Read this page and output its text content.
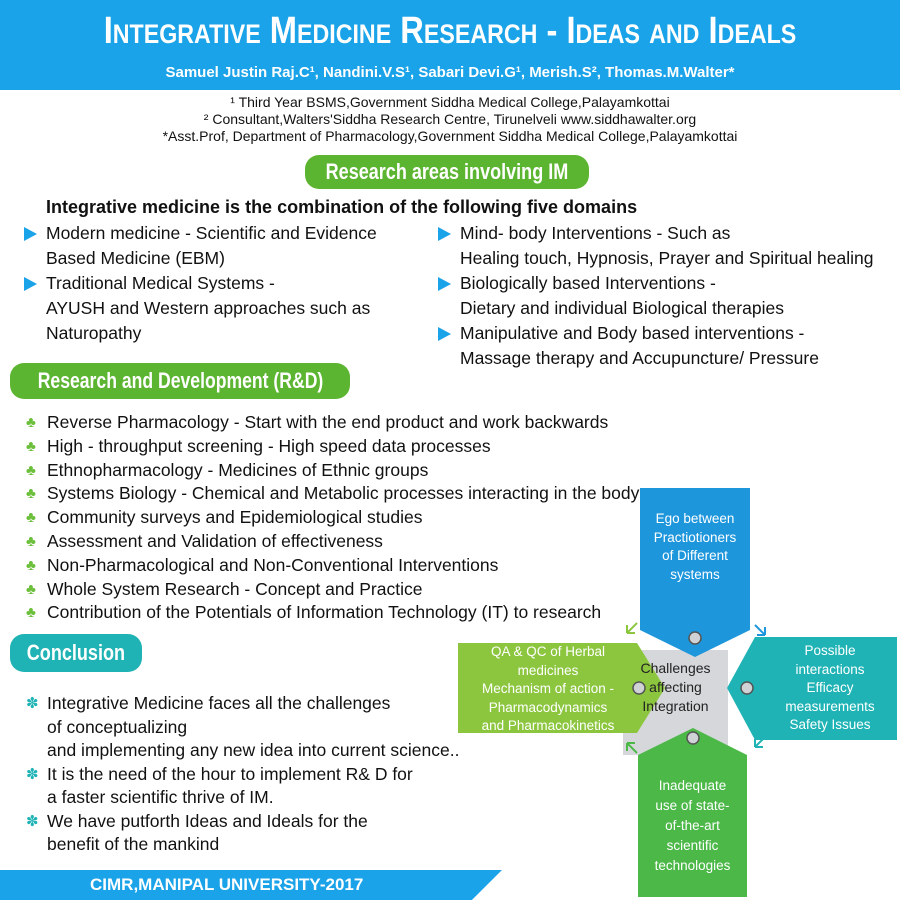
Integrative Medicine Research - Ideas and Ideals
Samuel Justin Raj.C¹, Nandini.V.S¹, Sabari Devi.G¹, Merish.S², Thomas.M.Walter*
¹ Third Year BSMS,Government Siddha Medical College,Palayamkottai
² Consultant,Walters'Siddha Research Centre, Tirunelveli www.siddhawalter.org
*Asst.Prof, Department of Pharmacology,Government Siddha Medical College,Palayamkottai
Research areas involving IM
Integrative medicine is the combination of the following five domains
Modern medicine - Scientific and Evidence
Based Medicine (EBM)
Traditional Medical Systems -
AYUSH and Western approaches such as
Naturopathy
Mind- body Interventions - Such as
Healing touch, Hypnosis, Prayer and Spiritual healing
Biologically based Interventions -
Dietary and individual Biological therapies
Manipulative and Body based interventions -
Massage therapy and Accupuncture/ Pressure
Research and Development (R&D)
♣ Reverse Pharmacology - Start with the end product and work backwards
♣ High - throughput screening - High speed data processes
♣ Ethnopharmacology - Medicines of Ethnic groups
♣ Systems Biology - Chemical and Metabolic processes interacting in the body
♣ Community surveys and Epidemiological studies
♣ Assessment and Validation of effectiveness
♣ Non-Pharmacological and Non-Conventional Interventions
♣ Whole System Research - Concept and Practice
♣ Contribution of the Potentials of Information Technology (IT) to research
Conclusion
✽ Integrative Medicine faces all the challenges
of conceptualizing
and implementing any new idea into current science..
✽ It is the need of the hour to implement R& D for
a faster scientific thrive of IM.
✽ We have putforth Ideas and Ideals for the
benefit of the mankind
Challenges
affecting
Integration
Ego between
Practiotioners
of Different
systems
QA & QC of Herbal
medicines
Mechanism of action -
Pharmacodynamics
and Pharmacokinetics
Possible
interactions
Efficacy
measurements
Safety Issues
Inadequate
use of state-
of-the-art
scientific
technologies
CIMR,MANIPAL UNIVERSITY-2017
